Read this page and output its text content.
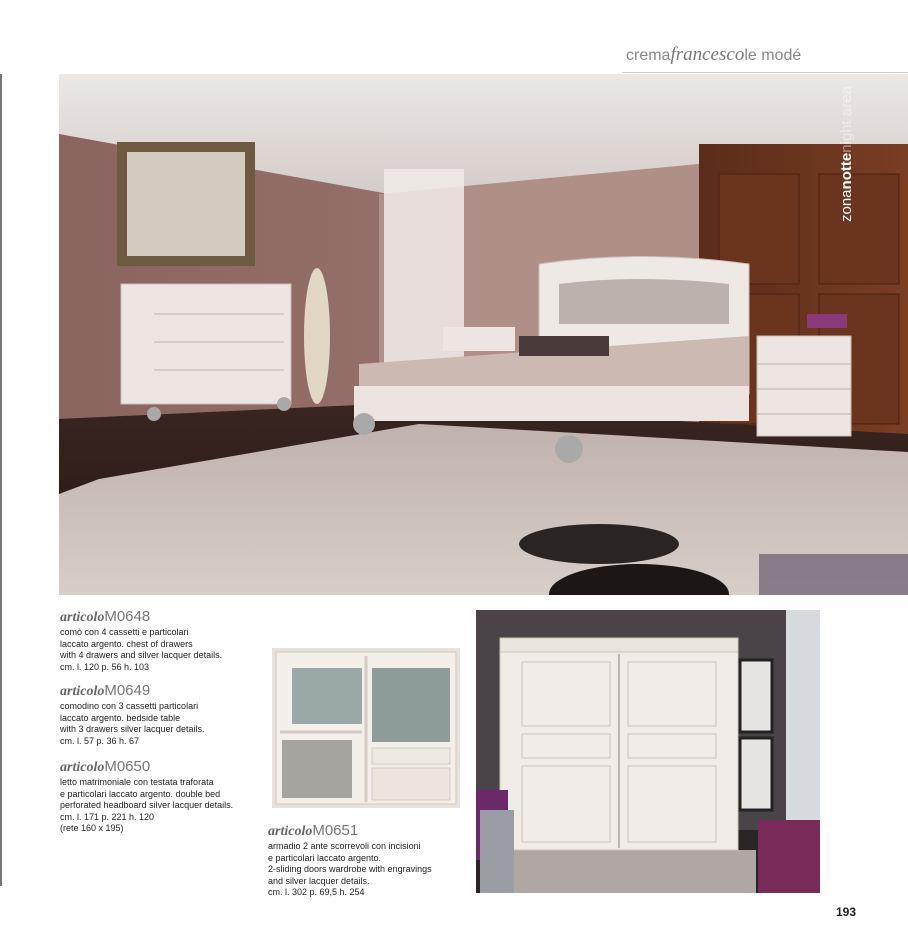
cremafrancescole modé
zonanottenight area
articoloM0648
comò con 4 cassetti e particolari
laccato argento. chest of drawers
with 4 drawers and silver lacquer details.
cm. l. 120 p. 56 h. 103
articoloM0649
comodino con 3 cassetti particolari
laccato argento. bedside table
with 3 drawers silver lacquer details.
cm. l. 57 p. 36 h. 67
articoloM0650
letto matrimoniale con testata traforata
e particolari laccato argento. double bed
perforated headboard silver lacquer details.
cm. l. 171 p. 221 h. 120
(rete 160 x 195)	articoloM0651
armadio 2 ante scorrevoli con incisioni
e particolari laccato argento.
2-sliding doors wardrobe with engravings
and silver lacquer details.
cm. l. 302 p. 69,5 h. 254
193
